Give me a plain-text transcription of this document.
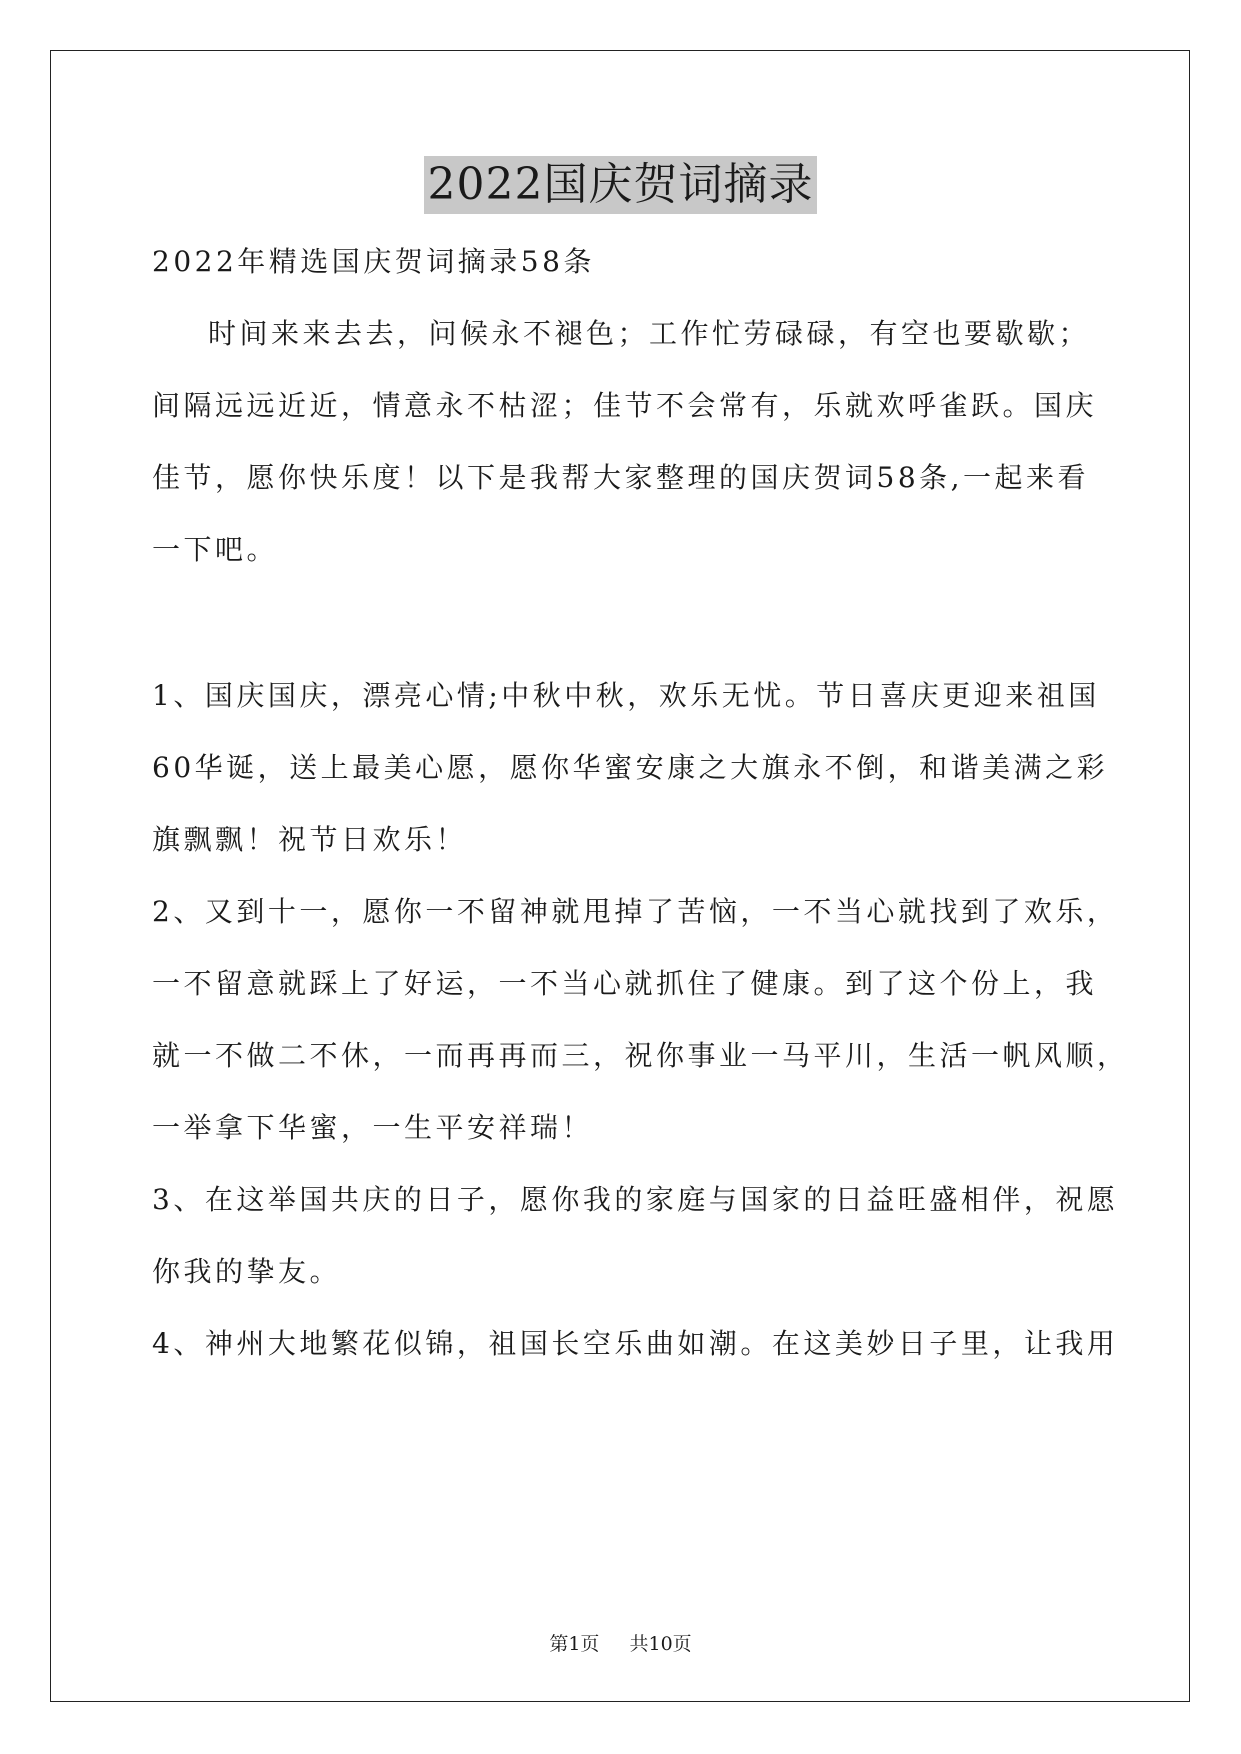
2022国庆贺词摘录
2022年精选国庆贺词摘录58条
时间来来去去，问候永不褪色；工作忙劳碌碌，有空也要歇歇；
间隔远远近近，情意永不枯涩；佳节不会常有，乐就欢呼雀跃。国庆
佳节，愿你快乐度！以下是我帮大家整理的国庆贺词58条,一起来看
一下吧。
1、国庆国庆，漂亮心情;中秋中秋，欢乐无忧。节日喜庆更迎来祖国
60华诞，送上最美心愿，愿你华蜜安康之大旗永不倒，和谐美满之彩
旗飘飘！祝节日欢乐！
2、又到十一，愿你一不留神就甩掉了苦恼，一不当心就找到了欢乐，
一不留意就踩上了好运，一不当心就抓住了健康。到了这个份上，我
就一不做二不休，一而再再而三，祝你事业一马平川，生活一帆风顺，
一举拿下华蜜，一生平安祥瑞！
3、在这举国共庆的日子，愿你我的家庭与国家的日益旺盛相伴，祝愿
你我的挚友。
4、神州大地繁花似锦，祖国长空乐曲如潮。在这美妙日子里，让我用
第1页 共10页
